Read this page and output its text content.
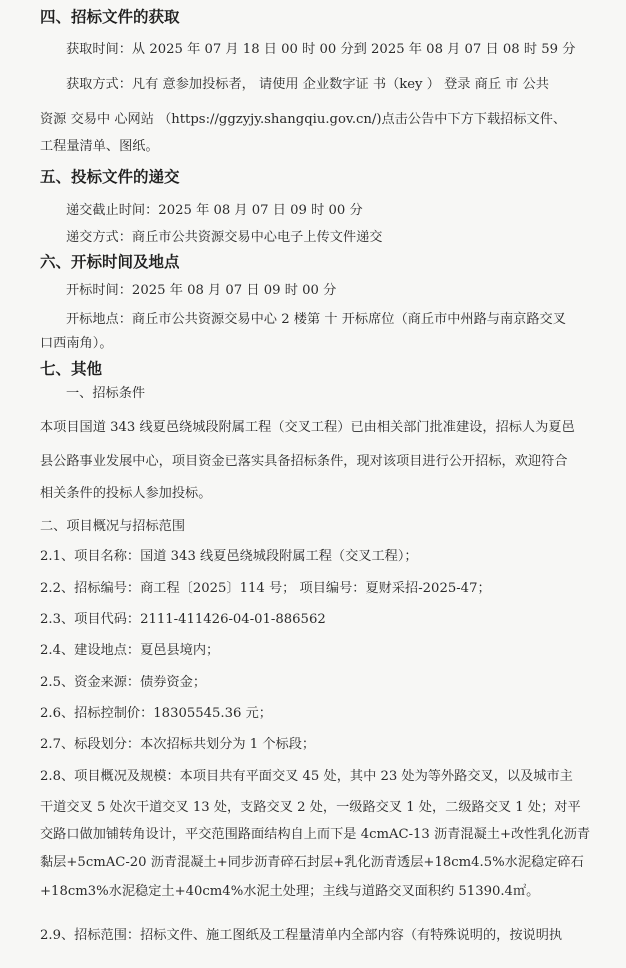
四、招标文件的获取
获取时间：从 2025 年 07 月 18 日 00 时 00 分到 2025 年 08 月 07 日 08 时 59 分
获取方式：凡有 意参加投标者， 请使用 企业数字证 书（key ） 登录 商丘 市 公共
资源 交易中 心网站 （https://ggzyjy.shangqiu.gov.cn/)点击公告中下方下载招标文件、
工程量清单、图纸。
五、投标文件的递交
递交截止时间：2025 年 08 月 07 日 09 时 00 分
递交方式：商丘市公共资源交易中心电子上传文件递交
六、开标时间及地点
开标时间：2025 年 08 月 07 日 09 时 00 分
开标地点：商丘市公共资源交易中心 2 楼第 十 开标席位（商丘市中州路与南京路交叉
口西南角）。
七、其他
一、招标条件
本项目国道 343 线夏邑绕城段附属工程（交叉工程）已由相关部门批准建设，招标人为夏邑
县公路事业发展中心，项目资金已落实具备招标条件，现对该项目进行公开招标，欢迎符合
相关条件的投标人参加投标。
二、项目概况与招标范围
2.1、项目名称：国道 343 线夏邑绕城段附属工程（交叉工程）；
2.2、招标编号：商工程〔2025〕114 号； 项目编号：夏财采招-2025-47；
2.3、项目代码：2111-411426-04-01-886562
2.4、建设地点：夏邑县境内；
2.5、资金来源：债券资金；
2.6、招标控制价：18305545.36 元；
2.7、标段划分：本次招标共划分为 1 个标段；
2.8、项目概况及规模：本项目共有平面交叉 45 处，其中 23 处为等外路交叉，以及城市主
干道交叉 5 处次干道交叉 13 处，支路交叉 2 处，一级路交叉 1 处，二级路交叉 1 处；对平
交路口做加铺转角设计，平交范围路面结构自上而下是 4cmAC-13 沥青混凝土+改性乳化沥青
黏层+5cmAC-20 沥青混凝土+同步沥青碎石封层+乳化沥青透层+18cm4.5%水泥稳定碎石
+18cm3%水泥稳定土+40cm4%水泥土处理；主线与道路交叉面积约 51390.4㎡。
2.9、招标范围：招标文件、施工图纸及工程量清单内全部内容（有特殊说明的，按说明执
